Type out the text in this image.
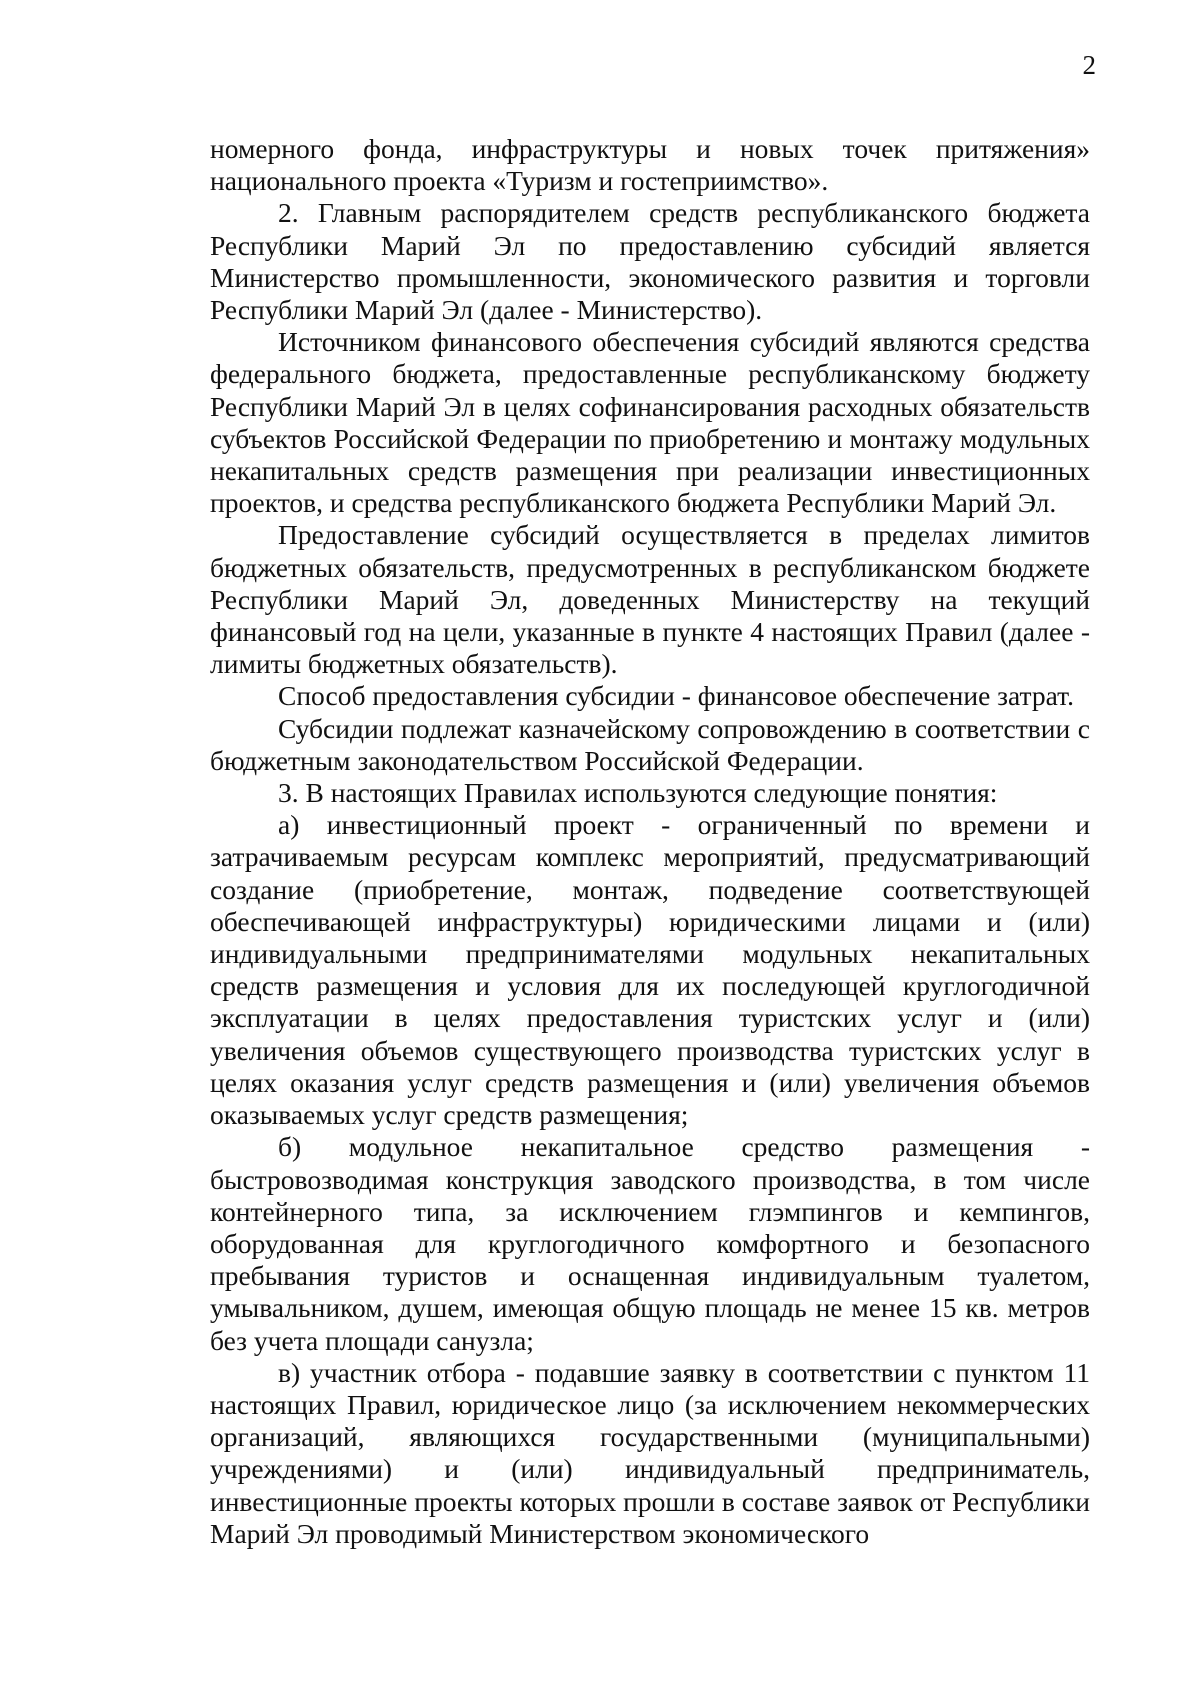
2

номерного фонда, инфраструктуры и новых точек притяжения» национального проекта «Туризм и гостеприимство».

2. Главным распорядителем средств республиканского бюджета Республики Марий Эл по предоставлению субсидий является Министерство промышленности, экономического развития и торговли Республики Марий Эл (далее - Министерство).

Источником финансового обеспечения субсидий являются средства федерального бюджета, предоставленные республиканскому бюджету Республики Марий Эл в целях софинансирования расходных обязательств субъектов Российской Федерации по приобретению и монтажу модульных некапитальных средств размещения при реализации инвестиционных проектов, и средства республиканского бюджета Республики Марий Эл.

Предоставление субсидий осуществляется в пределах лимитов бюджетных обязательств, предусмотренных в республиканском бюджете Республики Марий Эл, доведенных Министерству на текущий финансовый год на цели, указанные в пункте 4 настоящих Правил (далее - лимиты бюджетных обязательств).

Способ предоставления субсидии - финансовое обеспечение затрат.

Субсидии подлежат казначейскому сопровождению в соответствии с бюджетным законодательством Российской Федерации.

3. В настоящих Правилах используются следующие понятия:

а) инвестиционный проект - ограниченный по времени и затрачиваемым ресурсам комплекс мероприятий, предусматривающий создание (приобретение, монтаж, подведение соответствующей обеспечивающей инфраструктуры) юридическими лицами и (или) индивидуальными предпринимателями модульных некапитальных средств размещения и условия для их последующей круглогодичной эксплуатации в целях предоставления туристских услуг и (или) увеличения объемов существующего производства туристских услуг в целях оказания услуг средств размещения и (или) увеличения объемов оказываемых услуг средств размещения;

б) модульное некапитальное средство размещения - быстровозводимая конструкция заводского производства, в том числе контейнерного типа, за исключением глэмпингов и кемпингов, оборудованная для круглогодичного комфортного и безопасного пребывания туристов и оснащенная индивидуальным туалетом, умывальником, душем, имеющая общую площадь не менее 15 кв. метров без учета площади санузла;

в) участник отбора - подавшие заявку в соответствии с пунктом 11 настоящих Правил, юридическое лицо (за исключением некоммерческих организаций, являющихся государственными (муниципальными) учреждениями) и (или) индивидуальный предприниматель, инвестиционные проекты которых прошли в составе заявок от Республики Марий Эл проводимый Министерством экономического
